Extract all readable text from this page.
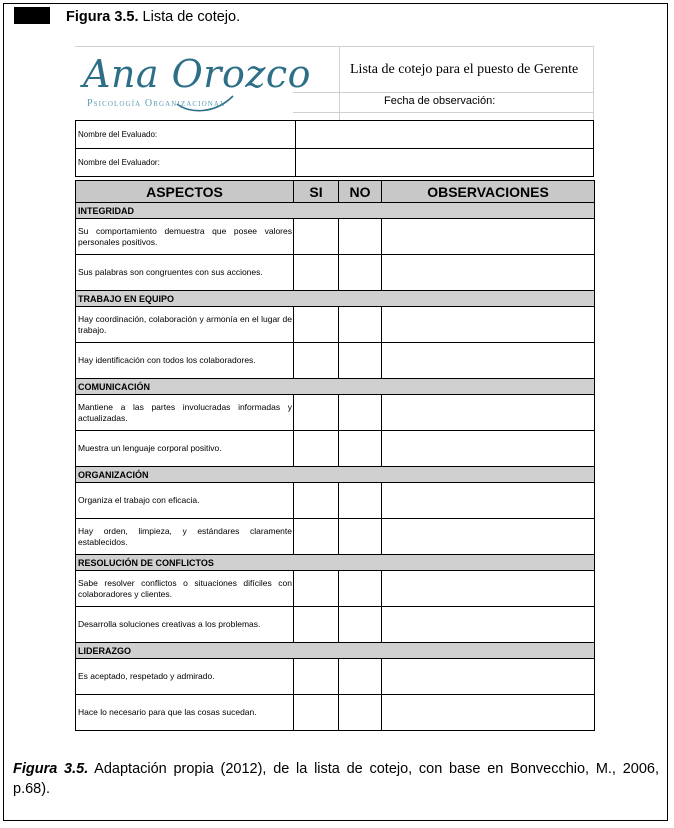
Figura 3.5. Lista de cotejo.
Ana Orozco
Psicología Organizacional
Lista de cotejo para el puesto de Gerente
Fecha de observación:
Nombre del Evaluado:
Nombre del Evaluador:
ASPECTOS	SI	NO	OBSERVACIONES
INTEGRIDAD			
Su comportamiento demuestra que posee valores personales positivos.			
Sus palabras son congruentes con sus acciones.			
TRABAJO EN EQUIPO			
Hay coordinación, colaboración y armonía en el lugar de trabajo.			
Hay identificación con todos los colaboradores.			
COMUNICACIÓN			
Mantiene a las partes involucradas informadas y actualizadas.			
Muestra un lenguaje corporal positivo.			
ORGANIZACIÓN			
Organiza el trabajo con eficacia.			
Hay orden, limpieza, y estándares claramente establecidos.			
RESOLUCIÓN DE CONFLICTOS			
Sabe resolver conflictos o situaciones difíciles con colaboradores y clientes.			
Desarrolla soluciones creativas a los problemas.			
LIDERAZGO			
Es aceptado, respetado y admirado.			
Hace lo necesario para que las cosas sucedan.			
Figura 3.5. Adaptación propia (2012), de la lista de cotejo, con base en Bonvecchio, M., 2006, p.68).
